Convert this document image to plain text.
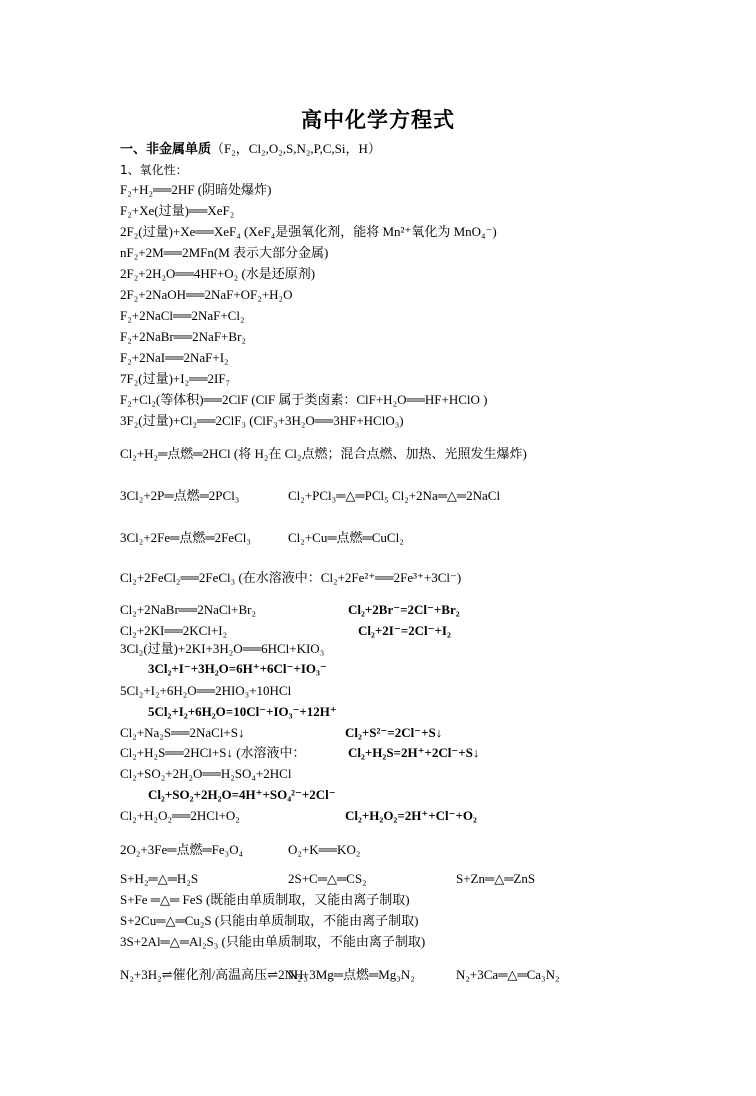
高中化学方程式
一、非金属单质（F₂，Cl₂,O₂,S,N₂,P,C,Si，H）
1、氧化性：
F₂+H₂══2HF (阴暗处爆炸)
F₂+Xe(过量)══XeF₂
2F₂(过量)+Xe══XeF₄ (XeF₄是强氧化剂，能将 Mn²⁺氧化为 MnO₄⁻)
nF₂+2M══2MFn(M 表示大部分金属)
2F₂+2H₂O══4HF+O₂ (水是还原剂)
2F₂+2NaOH══2NaF+OF₂+H₂O
F₂+2NaCl══2NaF+Cl₂
F₂+2NaBr══2NaF+Br₂
F₂+2NaI══2NaF+I₂
7F₂(过量)+I₂══2IF₇
F₂+Cl₂(等体积)══2ClF (ClF 属于类卤素：ClF+H₂O══HF+HClO )
3F₂(过量)+Cl₂══2ClF₃ (ClF₃+3H₂O══3HF+HClO₃)
Cl₂+H₂═点燃═2HCl (将 H₂在 Cl₂点燃；混合点燃、加热、光照发生爆炸)
3Cl₂+2P═点燃═2PCl₃	Cl₂+PCl₃═△═PCl₅ Cl₂+2Na═△═2NaCl
3Cl₂+2Fe═点燃═2FeCl₃	Cl₂+Cu═点燃═CuCl₂
Cl₂+2FeCl₂══2FeCl₃ (在水溶液中：Cl₂+2Fe²⁺══2Fe³⁺+3Cl⁻)
Cl₂+2NaBr══2NaCl+Br₂	Cl₂+2Br⁻=2Cl⁻+Br₂
Cl₂+2KI══2KCl+I₂	Cl₂+2I⁻=2Cl⁻+I₂
3Cl₂(过量)+2KI+3H₂O══6HCl+KIO₃
3Cl₂+I⁻+3H₂O=6H⁺+6Cl⁻+IO₃⁻
5Cl₂+I₂+6H₂O══2HIO₃+10HCl
5Cl₂+I₂+6H₂O=10Cl⁻+IO₃⁻+12H⁺
Cl₂+Na₂S══2NaCl+S↓	Cl₂+S²⁻=2Cl⁻+S↓
Cl₂+H₂S══2HCl+S↓ (水溶液中：	Cl₂+H₂S=2H⁺+2Cl⁻+S↓
Cl₂+SO₂+2H₂O══H₂SO₄+2HCl
Cl₂+SO₂+2H₂O=4H⁺+SO₄²⁻+2Cl⁻
Cl₂+H₂O₂══2HCl+O₂	Cl₂+H₂O₂=2H⁺+Cl⁻+O₂
2O₂+3Fe═点燃═Fe₃O₄	O₂+K══KO₂
S+H₂═△═H₂S	2S+C═△═CS₂	S+Zn═△═ZnS
S+Fe ═△═ FeS (既能由单质制取，又能由离子制取)
S+2Cu═△═Cu₂S (只能由单质制取，不能由离子制取)
3S+2Al═△═Al₂S₃ (只能由单质制取，不能由离子制取)
N₂+3H₂⇌催化剂/高温高压⇌2NH₃
N₂+3Mg═点燃═Mg₃N₂	N₂+3Ca═△═Ca₃N₂
